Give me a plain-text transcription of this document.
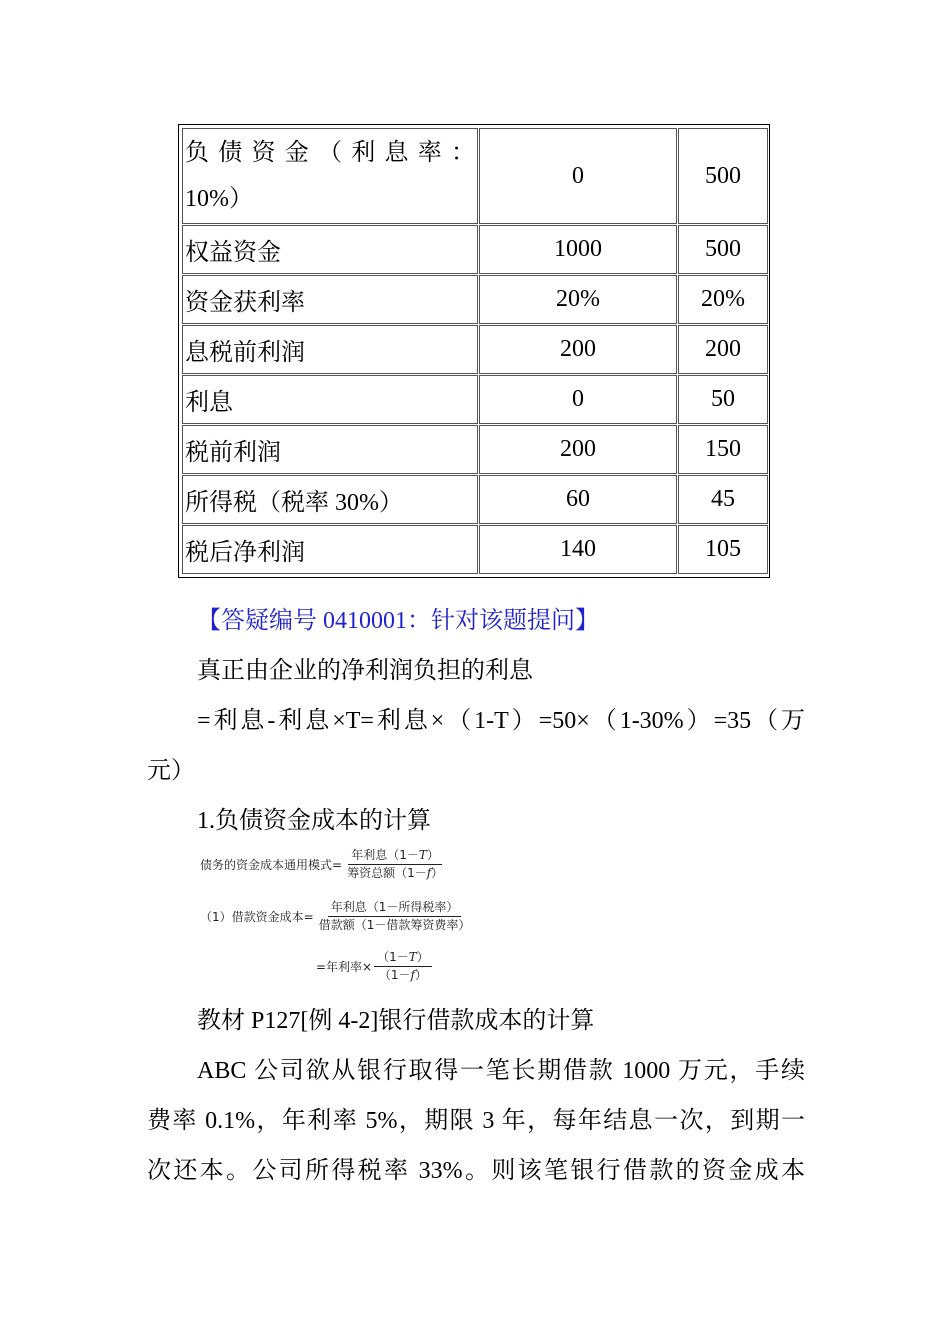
负 债 资 金 （ 利 息 率 ：
10%）	0	500
权益资金	1000	500
资金获利率	20%	20%
息税前利润	200	200
利息	0	50
税前利润	200	150
所得税（税率 30%）	60	45
税后净利润	140	105
【答疑编号 0410001：针对该题提问】
真正由企业的净利润负担的利息
=利息-利息×T=利息×（1-T）=50×（1-30%）=35（万
元）
1.负债资金成本的计算
债务的资金成本通用模式= $\frac{\text{年利息（1－T）}}{\text{筹资总额（1－f）}}$
（1）借款资金成本= $\frac{\text{年利息（1－所得税率）}}{\text{借款额（1－借款筹资费率）}}$
=年利率× $\frac{(1-T)}{(1-f)}$
教材 P127[例 4-2]银行借款成本的计算
ABC 公司欲从银行取得一笔长期借款 1000 万元，手续
费率 0.1%，年利率 5%，期限 3 年，每年结息一次，到期一
次还本。公司所得税率 33%。则该笔银行借款的资金成本
